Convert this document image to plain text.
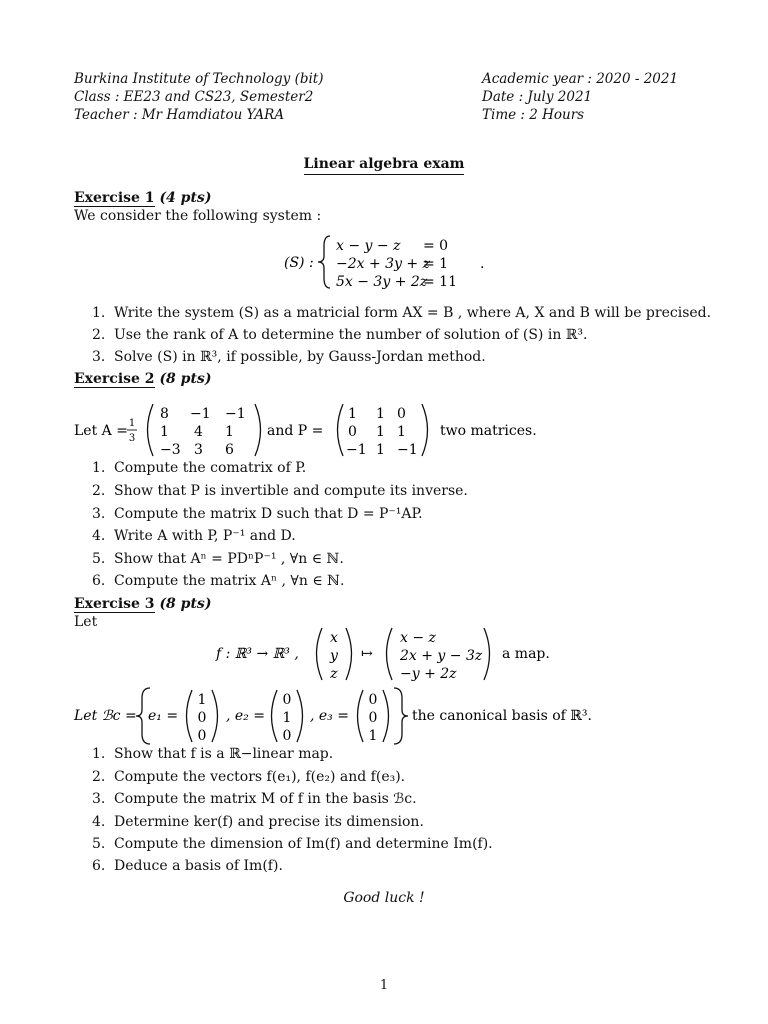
Burkina Institute of Technology (bit)
Class : EE23 and CS23, Semester2
Teacher : Mr Hamdiatou YARA
Academic year : 2020 - 2021
Date : July 2021
Time : 2 Hours
Linear algebra exam
Exercise 1 (4 pts)
We consider the following system :
(S) :
x − y − z = 0
−2x + 3y + z
= 1
5x − 3y + 2z
= 11
.
1. Write the system (S) as a matricial form AX = B , where A, X and B will be precised.
2. Use the rank of A to determine the number of solution of (S) in ℝ³.
3. Solve (S) in ℝ³, if possible, by Gauss-Jordan method.
Exercise 2 (8 pts)
Let A = 1
3
8 −1 −1
1 4 1
−3 3 6
and P =
1 1 0
0 1 1
−1 1 −1
two matrices.
1. Compute the comatrix of P.
2. Show that P is invertible and compute its inverse.
3. Compute the matrix D such that D = P⁻¹AP.
4. Write A with P, P⁻¹ and D.
5. Show that Aⁿ = PDⁿP⁻¹ , ∀n ∈ ℕ.
6. Compute the matrix Aⁿ , ∀n ∈ ℕ.
Exercise 3 (8 pts)
Let
f : ℝ³ → ℝ³ ,
x
y
z
↦
x − z
2x + y − 3z
−y + 2z
a map.
Let ℬc = e₁ =
1
0
0
, e₂ =
0
1
0
, e₃ =
0
0
1
the canonical basis of ℝ³.
1. Show that f is a ℝ−linear map.
2. Compute the vectors f(e₁), f(e₂) and f(e₃).
3. Compute the matrix M of f in the basis ℬc.
4. Determine ker(f) and precise its dimension.
5. Compute the dimension of Im(f) and determine Im(f).
6. Deduce a basis of Im(f).
Good luck !
1
